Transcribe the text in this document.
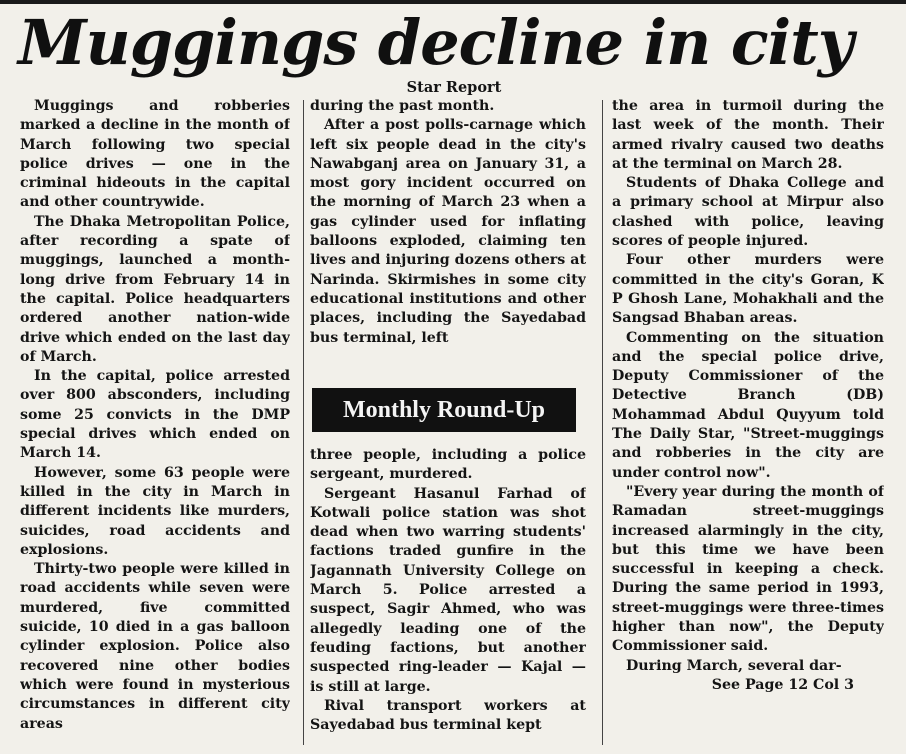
Muggings decline in city
Star Report

Muggings and robberies marked a decline in the month of March following two special police drives — one in the criminal hideouts in the capital and other countrywide.

The Dhaka Metropolitan Police, after recording a spate of muggings, launched a month-long drive from February 14 in the capital. Police headquarters ordered another nation-wide drive which ended on the last day of March.

In the capital, police arrested over 800 absconders, including some 25 convicts in the DMP special drives which ended on March 14.

However, some 63 people were killed in the city in March in different incidents like murders, suicides, road accidents and explosions.

Thirty-two people were killed in road accidents while seven were murdered, five committed suicide, 10 died in a gas balloon cylinder explosion. Police also recovered nine other bodies which were found in mysterious circumstances in different city areas

during the past month.

After a post polls-carnage which left six people dead in the city's Nawabganj area on January 31, a most gory incident occurred on the morning of March 23 when a gas cylinder used for inflating balloons exploded, claiming ten lives and injuring dozens others at Narinda. Skirmishes in some city educational institutions and other places, including the Sayedabad bus terminal, left

Monthly Round-Up

three people, including a police sergeant, murdered.

Sergeant Hasanul Farhad of Kotwali police station was shot dead when two warring students' factions traded gunfire in the Jagannath University College on March 5. Police arrested a suspect, Sagir Ahmed, who was allegedly leading one of the feuding factions, but another suspected ring-leader — Kajal — is still at large.

Rival transport workers at Sayedabad bus terminal kept

the area in turmoil during the last week of the month. Their armed rivalry caused two deaths at the terminal on March 28.

Students of Dhaka College and a primary school at Mirpur also clashed with police, leaving scores of people injured.

Four other murders were committed in the city's Goran, K P Ghosh Lane, Mohakhali and the Sangsad Bhaban areas.

Commenting on the situation and the special police drive, Deputy Commissioner of the Detective Branch (DB) Mohammad Abdul Quyyum told The Daily Star, "Street-muggings and robberies in the city are under control now".

"Every year during the month of Ramadan street-muggings increased alarmingly in the city, but this time we have been successful in keeping a check. During the same period in 1993, street-muggings were three-times higher than now", the Deputy Commissioner said.

During March, several dar-

See Page 12 Col 3
